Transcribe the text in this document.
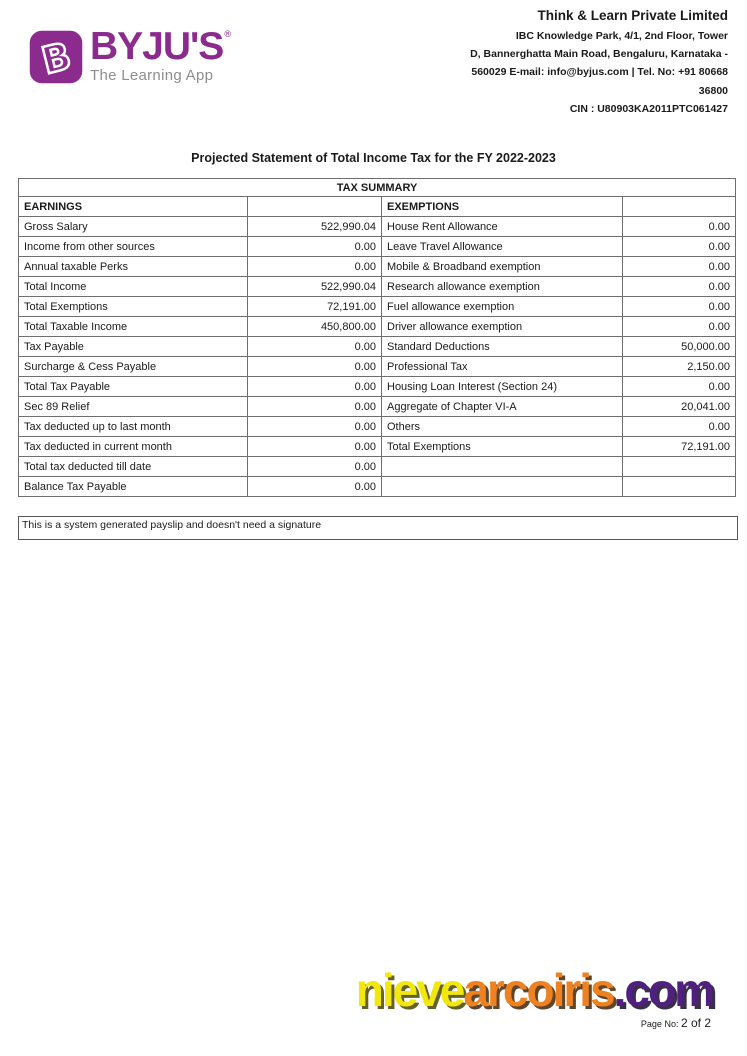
B BYJU'S ®
The Learning App
Think & Learn Private Limited
IBC Knowledge Park, 4/1, 2nd Floor, Tower
D, Bannerghatta Main Road, Bengaluru, Karnataka -
560029 E-mail: info@byjus.com | Tel. No: +91 80668
36800
CIN : U80903KA2011PTC061427
Projected Statement of Total Income Tax for the FY 2022-2023
TAX SUMMARY			
EARNINGS		EXEMPTIONS	
Gross Salary	522,990.04	House Rent Allowance	0.00
Income from other sources	0.00	Leave Travel Allowance	0.00
Annual taxable Perks	0.00	Mobile & Broadband exemption	0.00
Total Income	522,990.04	Research allowance exemption	0.00
Total Exemptions	72,191.00	Fuel allowance exemption	0.00
Total Taxable Income	450,800.00	Driver allowance exemption	0.00
Tax Payable	0.00	Standard Deductions	50,000.00
Surcharge & Cess Payable	0.00	Professional Tax	2,150.00
Total Tax Payable	0.00	Housing Loan Interest (Section 24)	0.00
Sec 89 Relief	0.00	Aggregate of Chapter VI-A	20,041.00
Tax deducted up to last month	0.00	Others	0.00
Tax deducted in current month	0.00	Total Exemptions	72,191.00
Total tax deducted till date	0.00		
Balance Tax Payable	0.00		
This is a system generated payslip and doesn't need a signature
nievearcoiris.com
Page No: 2 of 2
